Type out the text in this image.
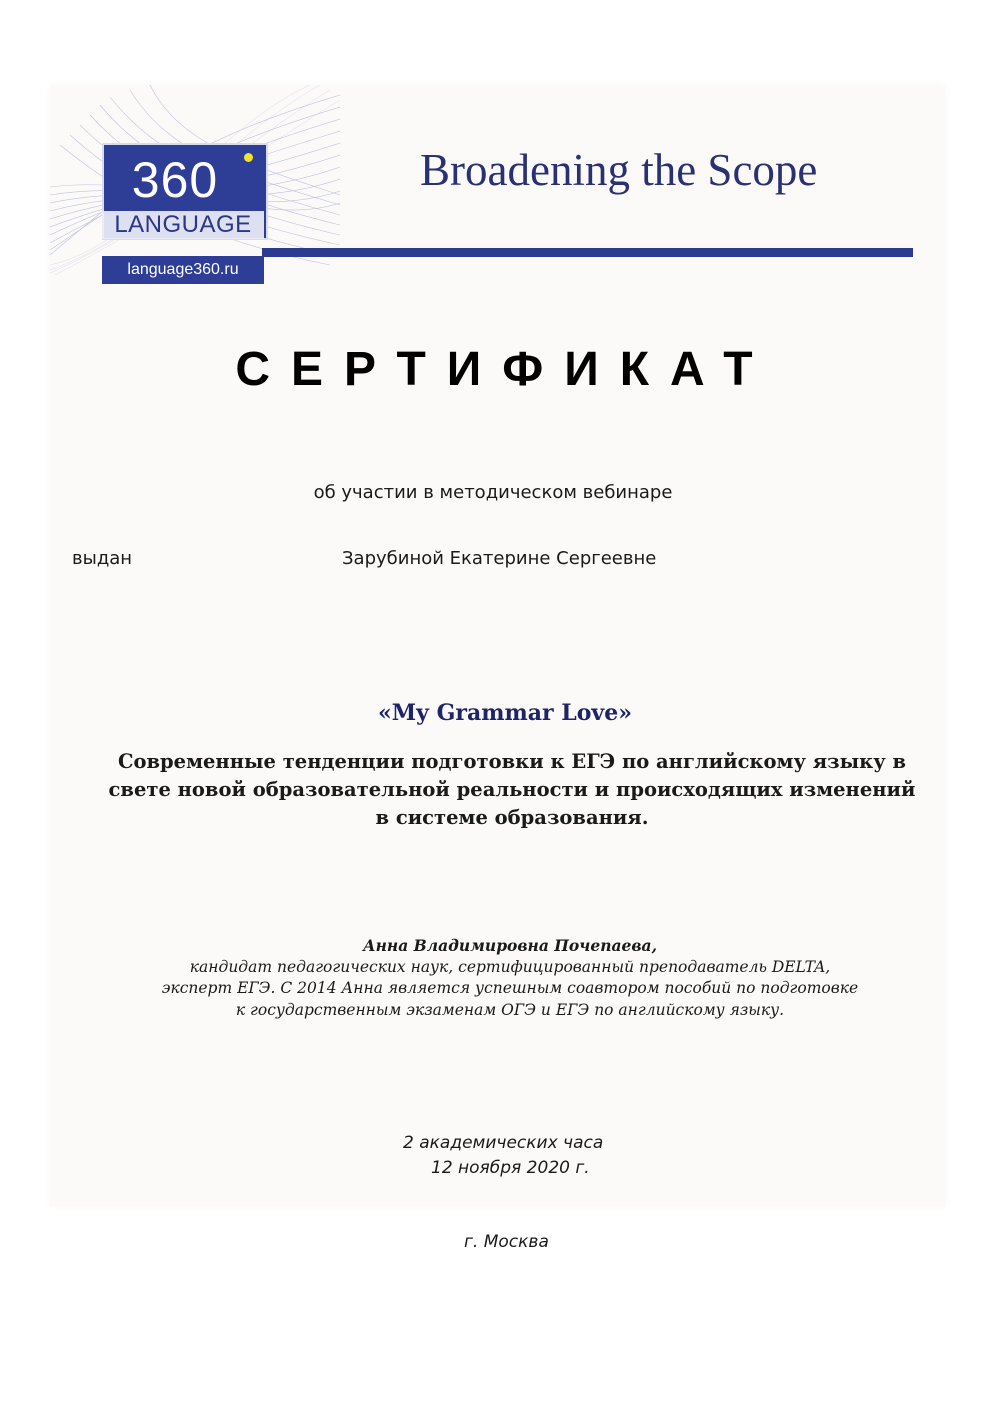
360
LANGUAGE
language360.ru
Broadening the Scope
СЕРТИФИКАТ
об участии в методическом вебинаре
выдан	Зарубиной Екатерине Сергеевне
«My Grammar Love»
Современные тенденции подготовки к ЕГЭ по английскому языку в
свете новой образовательной реальности и происходящих изменений
в системе образования.
Анна Владимировна Почепаева,
кандидат педагогических наук, сертифицированный преподаватель DELTA,
эксперт ЕГЭ. С 2014 Анна является успешным соавтором пособий по подготовке
к государственным экзаменам ОГЭ и ЕГЭ по английскому языку.
2 академических часа
12 ноября 2020 г.
г. Москва
